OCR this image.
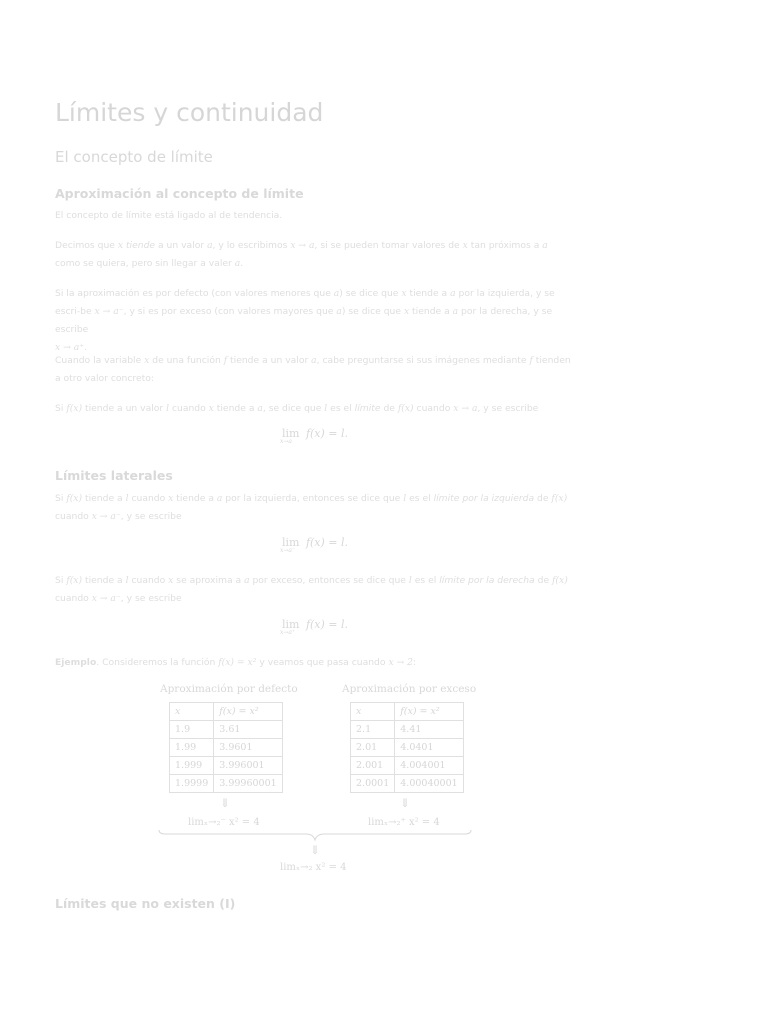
Límites y continuidad
El concepto de límite
Aproximación al concepto de límite

El concepto de límite está ligado al de tendencia.

Decimos que x tiende a un valor a, y lo escribimos x → a, si se pueden tomar valores de x tan próximos a a como se quiera, pero sin llegar a valer a.

Si la aproximación es por defecto (con valores menores que a) se dice que x tiende a a por la izquierda, y se escri-be x → a⁻, y si es por exceso (con valores mayores que a) se dice que x tiende a a por la derecha, y se escribe
x → a⁺.

Cuando la variable x de una función f tiende a un valor a, cabe preguntarse si sus imágenes mediante f tienden a otro valor concreto:

Si f(x) tiende a un valor l cuando x tiende a a, se dice que l es el límite de f(x) cuando x → a, y se escribe

lim
x→a
f(x) = l.
Límites laterales

Si f(x) tiende a l cuando x tiende a a por la izquierda, entonces se dice que l es el límite por la izquierda de f(x)
cuando x → a⁻, y se escribe

lim
x→a⁻
f(x) = l.

Si f(x) tiende a l cuando x se aproxima a a por exceso, entonces se dice que l es el límite por la derecha de f(x)
cuando x → a⁻, y se escribe

lim
x→a⁺
f(x) = l.

Ejemplo. Consideremos la función f(x) = x² y veamos que pasa cuando x → 2:

Aproximación por defecto	Aproximación por exceso
x	f(x) = x²
1.9	3.61
1.99	3.9601
1.999	3.996001
1.9999	3.99960001
x	f(x) = x²
2.1	4.41
2.01	4.0401
2.001	4.004001
2.0001	4.00040001
⇓	⇓
limₓ→₂⁻ x² = 4	limₓ→₂⁺ x² = 4
⇓
limₓ→₂ x² = 4
Límites que no existen (I)
